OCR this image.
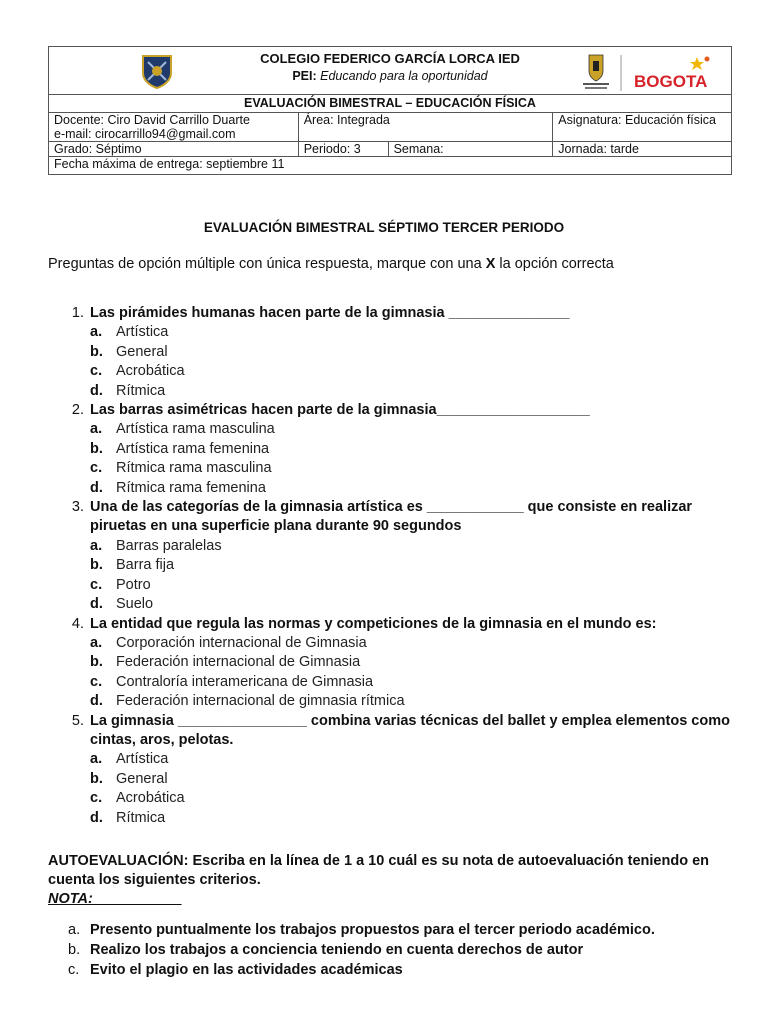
COLEGIO FEDERICO GARCÍA LORCA IED
PEI: Educando para la oportunidad BOGOTA			

EVALUACIÓN BIMESTRAL – EDUCACIÓN FÍSICA			

Docente: Ciro David Carrillo Duarte
e-mail: cirocarrillo94@gmail.com	Área: Integrada		Asignatura: Educación física
Grado: Séptimo	Periodo: 3	Semana:	Jornada: tarde
Fecha máxima de entrega: septiembre 11			
EVALUACIÓN BIMESTRAL SÉPTIMO TERCER PERIODO
Preguntas de opción múltiple con única respuesta, marque con una X la opción correcta
1. Las pirámides humanas hacen parte de la gimnasia _______________
a. Artística
b. General
c. Acrobática
d. Rítmica
2. Las barras asimétricas hacen parte de la gimnasia___________________
a. Artística rama masculina
b. Artística rama femenina
c. Rítmica rama masculina
d. Rítmica rama femenina
3. Una de las categorías de la gimnasia artística es ____________ que consiste en realizar piruetas en una superficie plana durante 90 segundos
a. Barras paralelas
b. Barra fija
c. Potro
d. Suelo
4. La entidad que regula las normas y competiciones de la gimnasia en el mundo es:
a. Corporación internacional de Gimnasia
b. Federación internacional de Gimnasia
c. Contraloría interamericana de Gimnasia
d. Federación internacional de gimnasia rítmica
5. La gimnasia ________________ combina varias técnicas del ballet y emplea elementos como cintas, aros, pelotas.
a. Artística
b. General
c. Acrobática
d. Rítmica
AUTOEVALUACIÓN: Escriba en la línea de 1 a 10 cuál es su nota de autoevaluación teniendo en cuenta los siguientes criterios.
NOTA:___________
a. Presento puntualmente los trabajos propuestos para el tercer periodo académico.
b. Realizo los trabajos a conciencia teniendo en cuenta derechos de autor
c. Evito el plagio en las actividades académicas
